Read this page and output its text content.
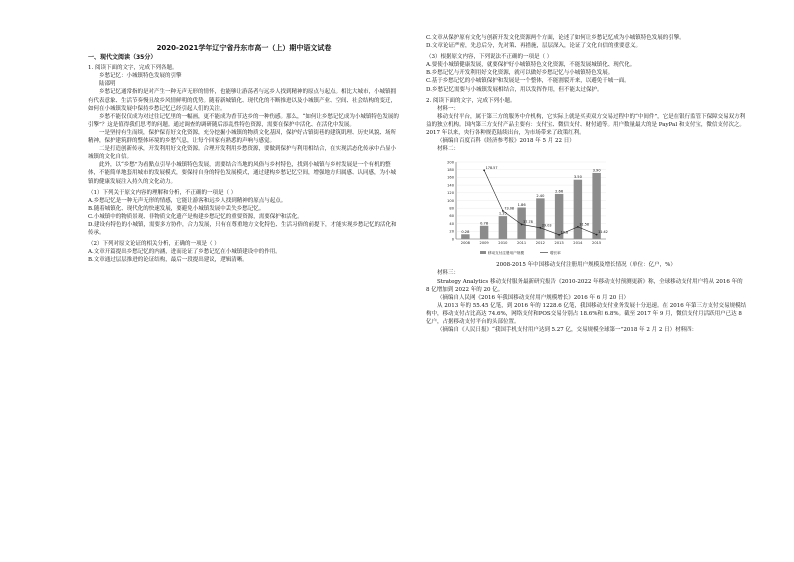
2020-2021学年辽宁省丹东市高一（上）期中语文试卷
一、现代文阅读（35分）

1. 阅读下面的文字，完成下列各题。

乡愁记忆：小城镇特色发展的引擎

陆邵明

乡愁记忆通常指的是对产生一种无声无形的情怀，也能够让游荡者与远乡人找到精神的原点与起点。相比大城市，小城镇拥有代表意象、生活节奏慢且故乡风情鲜明的优势。随着新城镇化、现代化的不断推进以及小城镇产业、空间、社会结构的变迁，如何在小城镇发展中保持乡愁记忆已经引起人们的关注。

乡愁不能仅仅成为对过往记忆里的一幅画，更不能成为香节达乡的一种伤感。那么，“如何让乡愁记忆成为小城镇特色发展的引擎”？这是值得我们思考的问题。通过调查的调研随后添乱性特色资源，需要在保护中活化、在活化中发展。

一是坚持有生而续，保护保育好文化资源，充分挖掘小城镇的物质文化基因，保护好古镇街巷的建筑肌理、历史风貌、场所精神，保护建筑群的整体环境的乡愁气息，让每个回家有熟悉的声响与感觉。

二是打造创新传承，开发利用好文化资源。合理开发利用乡愁资源，要做到保护与利用相结合，在实现活态化传承中凸显小城镇的文化自信。

此外，以“乡愁”为看點点引导小城镇特色发展，需要结合当地的风俗与乡村特色，找到小城镇与乡村发展是一个有机的整体，不能简单地套用城市的发展模式，要保持自身的特色发展模式，通过建构乡愁记忆空间，增强地方归属感、认同感，为小城镇的健康发展注入持久的文化动力。

（1）下列关于原文内容的理解和分析，不正确的一项是（ ）

A.乡愁记忆是一种无声无形的情感，它能让游客和远乡人找到精神的原点与起点。

B.随着城镇化、现代化的快速发展，要避免小城镇发展中丢失乡愁记忆。

C.小城镇中的物质景观、非物质文化遗产是构建乡愁记忆的重要资源，需要保护和活化。

D.建设有特色的小城镇，需要多方协作，合力发展，只有在尊重地方文化特色、生活习俗的前提下，才能实现乡愁记忆的活化和传承。

（2）下列对原文论证的相关分析，正确的一项是（ ）

A.文章开篇提出乡愁记忆的内涵，进而论证了乡愁记忆在小城镇建设中的作用。

B.文章通过层层推进的论证结构，最后一段提出建议，逻辑清晰。

C.文章从保护原有文化与创新开发文化资源两个方面，论述了如何让乡愁记忆成为小城镇特色发展的引擎。

D.文章论证严密，先总后分，先对策、再措施，层层深入，论证了文化自信的重要意义。

（3）根据原文内容，下列说法不正确的一项是（ ）

A.要使小城镇健康发展，就要保护好小城镇特色文化资源，不能发展城镇化、现代化。

B.乡愁记忆与开发利用好文化资源，就可以做好乡愁记忆与小城镇特色发展。

C.基于乡愁记忆的小城镇保护和发展是一个整体，不能割裂开来，以避免千城一面。

D.乡愁记忆需要与小城镇发展相结合，用以发挥作用，但不能太过保护。

2. 阅读下面的文字，完成下列小题。

材料一：

移动支付平台，属于第三方的服务中介机构，它实际上就是买卖双方交易过程中的“中间件”，它是在银行监管下保障交易双方利益的独立机构。国内第三方支付产品主要有：支付宝、微信支付、财付通等。用户数量最大的是 PayPal 和支付宝，微信支付次之。2017 年以来，央行各种规范陆续出台，为市场带来了政策红利。

（摘编自百度百科《经济参考报》2018 年 5 月 22 日）

材料二：

0
20
40
60
80
100
120
140
160
180
200
0.28
2008
0.78
2009
178.57
1.35
2010
73.08
1.86
2011
37.78
2.40
2012
29.03
2.66
2013
10.8
3.50
2014
31.58
3.90
2015
11.42
移动支付注册用户规模	增长率

2008-2015 年中国移动支付注册用户规模及增长情况（单位：亿户，%）

材料三：

Strategy Analytics 移动支付服务最新研究报告《2010-2022 年移动支付预测更新》称，全球移动支付用户将从 2016 年的 8 亿增加到 2022 年的 20 亿。

（摘编自人民网《2016 年我国移动支付用户规模增长》2016 年 6 月 20 日）

从 2013 年的 55.45 亿笔，到 2016 年的 1228.6 亿笔，我国移动支付业务发展十分迅速。在 2016 年第三方支付交易规模结构中，移动支付占比高达 74.6%，网络支付和POS交易分别占 18.6%和 6.8%。截至 2017 年 9 月，微信支付月活跃用户已达 8 亿户，占据移动支付平台的头部位置。

（摘编自《人民日报》“我国手机支付用户达到 5.27 亿，交易规模全球第一”2018 年 2 月 2 日）材料四：
